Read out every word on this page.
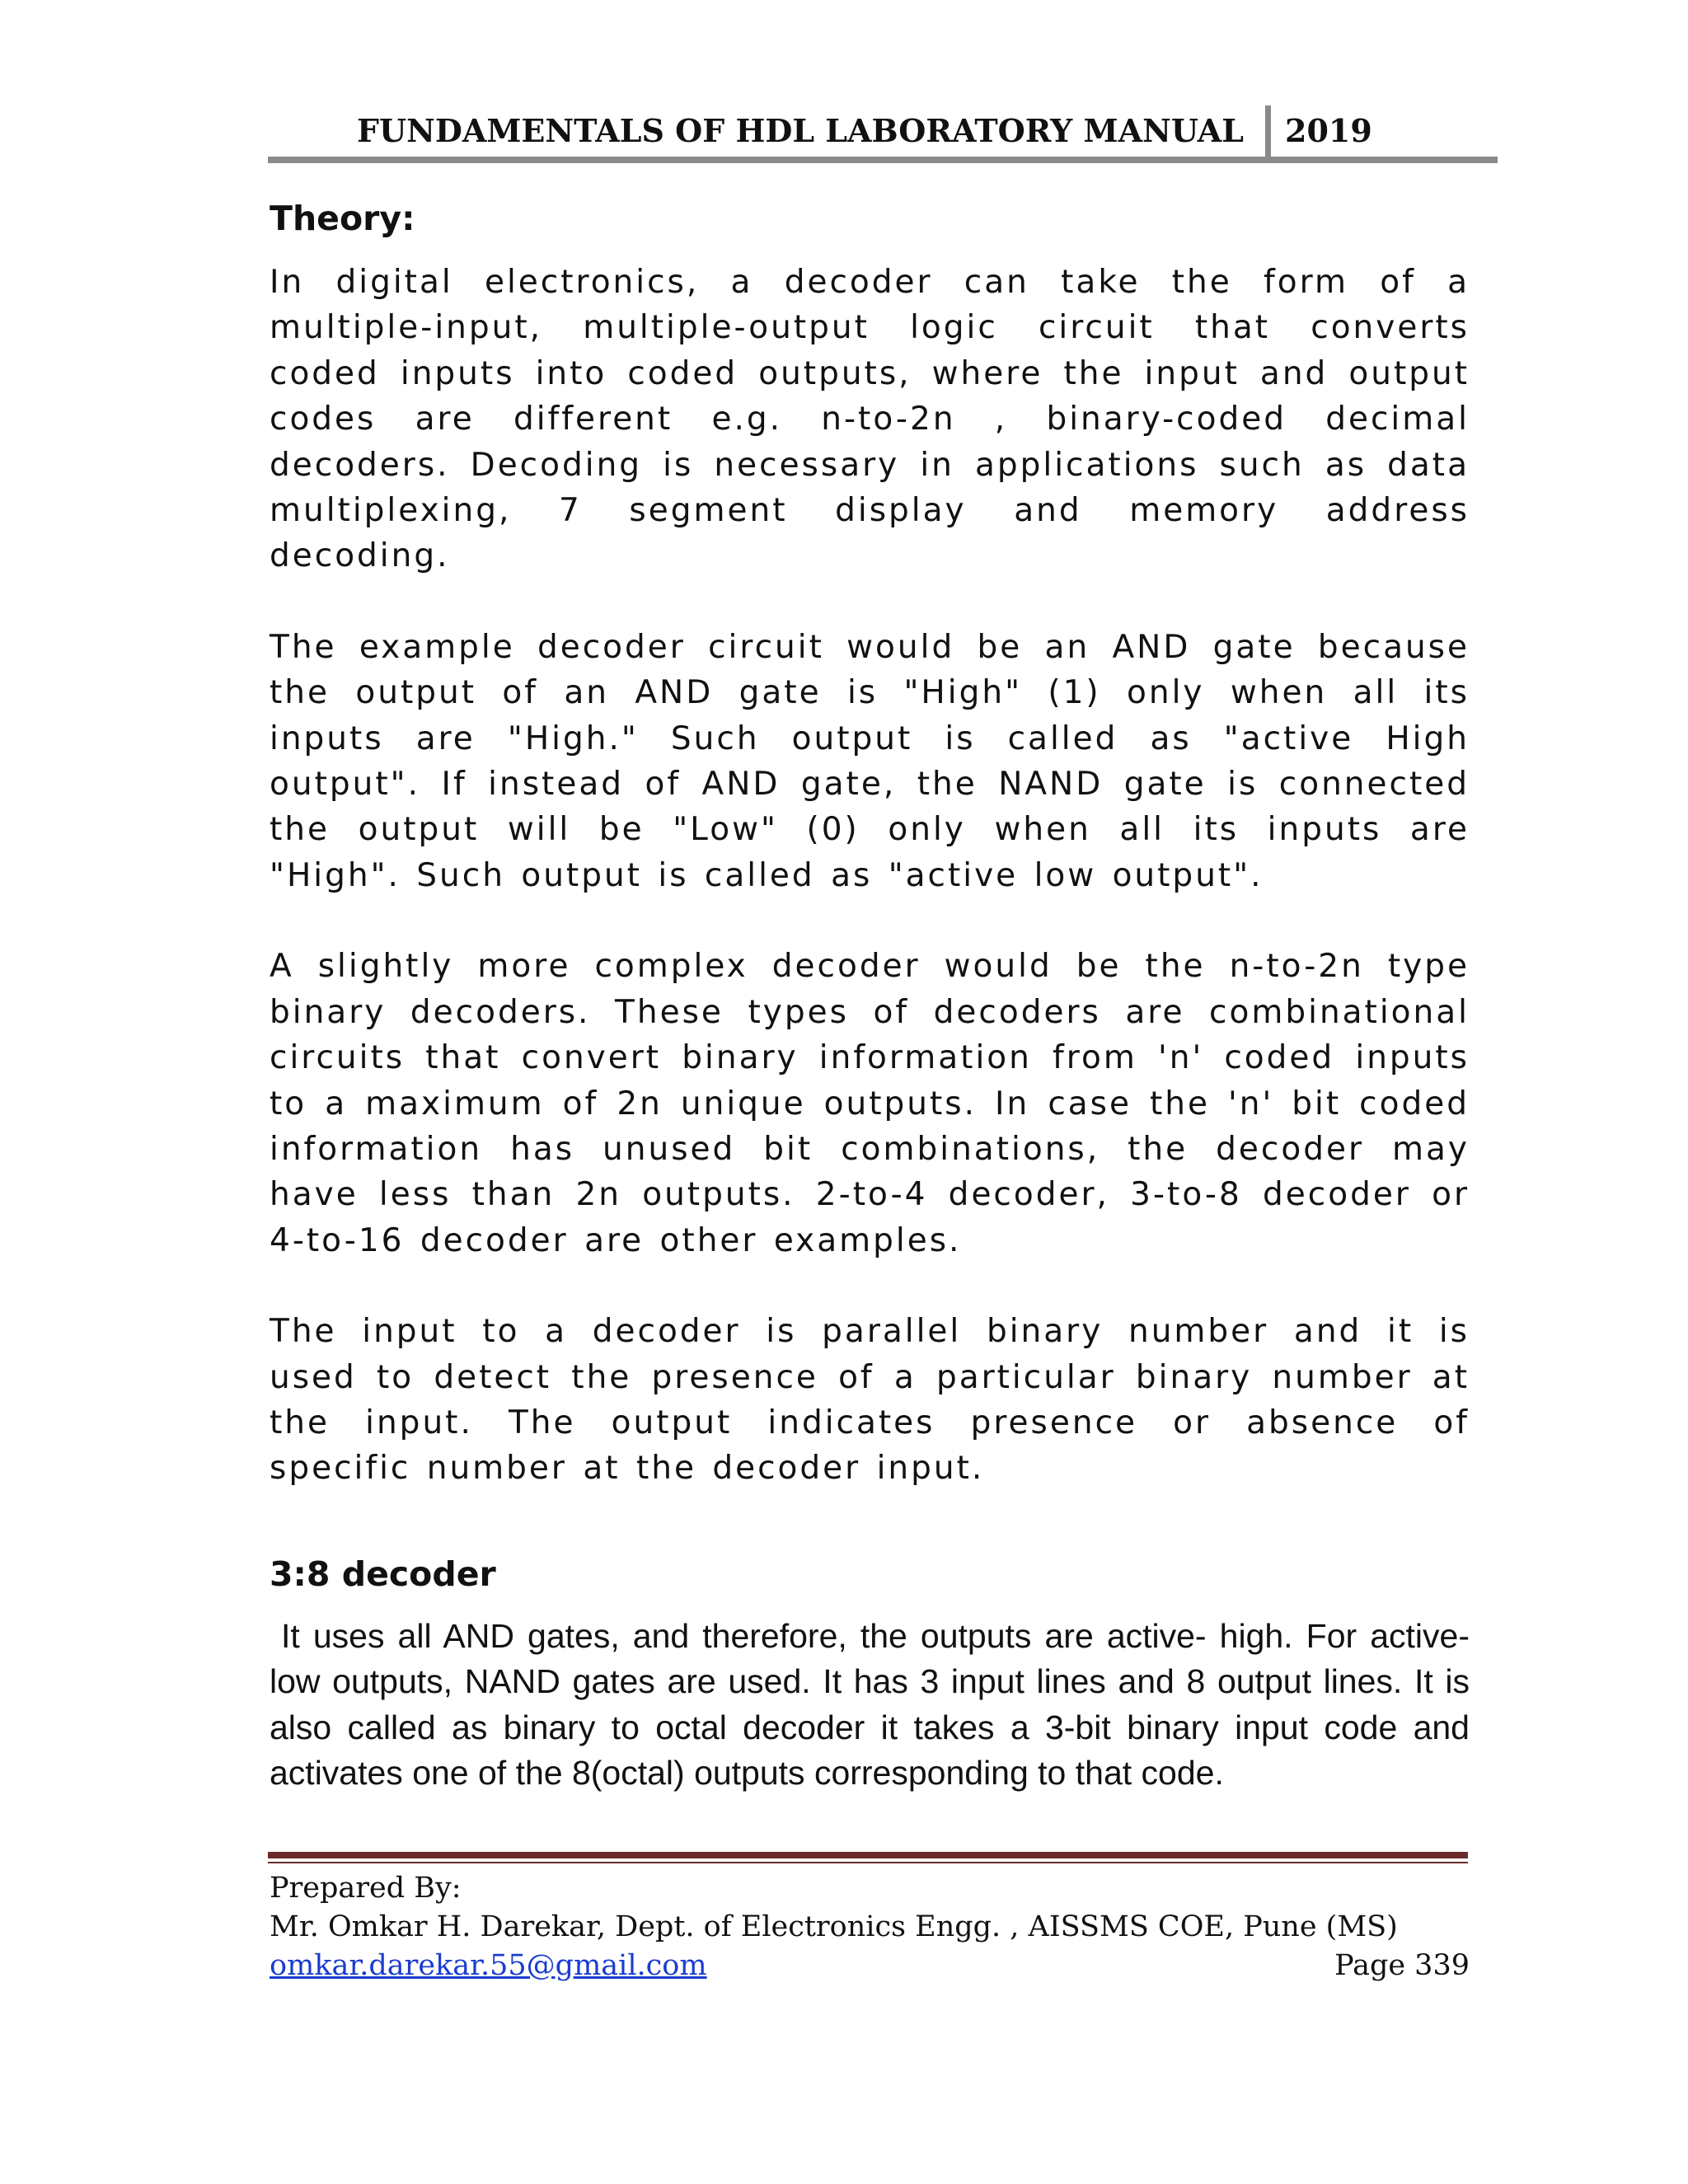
FUNDAMENTALS OF HDL LABORATORY MANUAL 2019
Theory:

In digital electronics, a decoder can take the form of a multiple-input, multiple-output logic circuit that converts coded inputs into coded outputs, where the input and output codes are different e.g. n-to-2n , binary-coded decimal decoders. Decoding is necessary in applications such as data multiplexing, 7 segment display and memory address decoding.

The example decoder circuit would be an AND gate because the output of an AND gate is "High" (1) only when all its inputs are "High." Such output is called as "active High output". If instead of AND gate, the NAND gate is connected the output will be "Low" (0) only when all its inputs are "High". Such output is called as "active low output".

A slightly more complex decoder would be the n-to-2n type binary decoders. These types of decoders are combinational circuits that convert binary information from 'n' coded inputs to a maximum of 2n unique outputs. In case the 'n' bit coded information has unused bit combinations, the decoder may have less than 2n outputs. 2-to-4 decoder, 3-to-8 decoder or 4-to-16 decoder are other examples.

The input to a decoder is parallel binary number and it is used to detect the presence of a particular binary number at the input. The output indicates presence or absence of specific number at the decoder input.

3:8 decoder

It uses all AND gates, and therefore, the outputs are active- high. For active- low outputs, NAND gates are used. It has 3 input lines and 8 output lines. It is also called as binary to octal decoder it takes a 3-bit binary input code and activates one of the 8(octal) outputs corresponding to that code.

Prepared By:
Mr. Omkar H. Darekar, Dept. of Electronics Engg. , AISSMS COE, Pune (MS)
omkar.darekar.55@gmail.com	Page 339
